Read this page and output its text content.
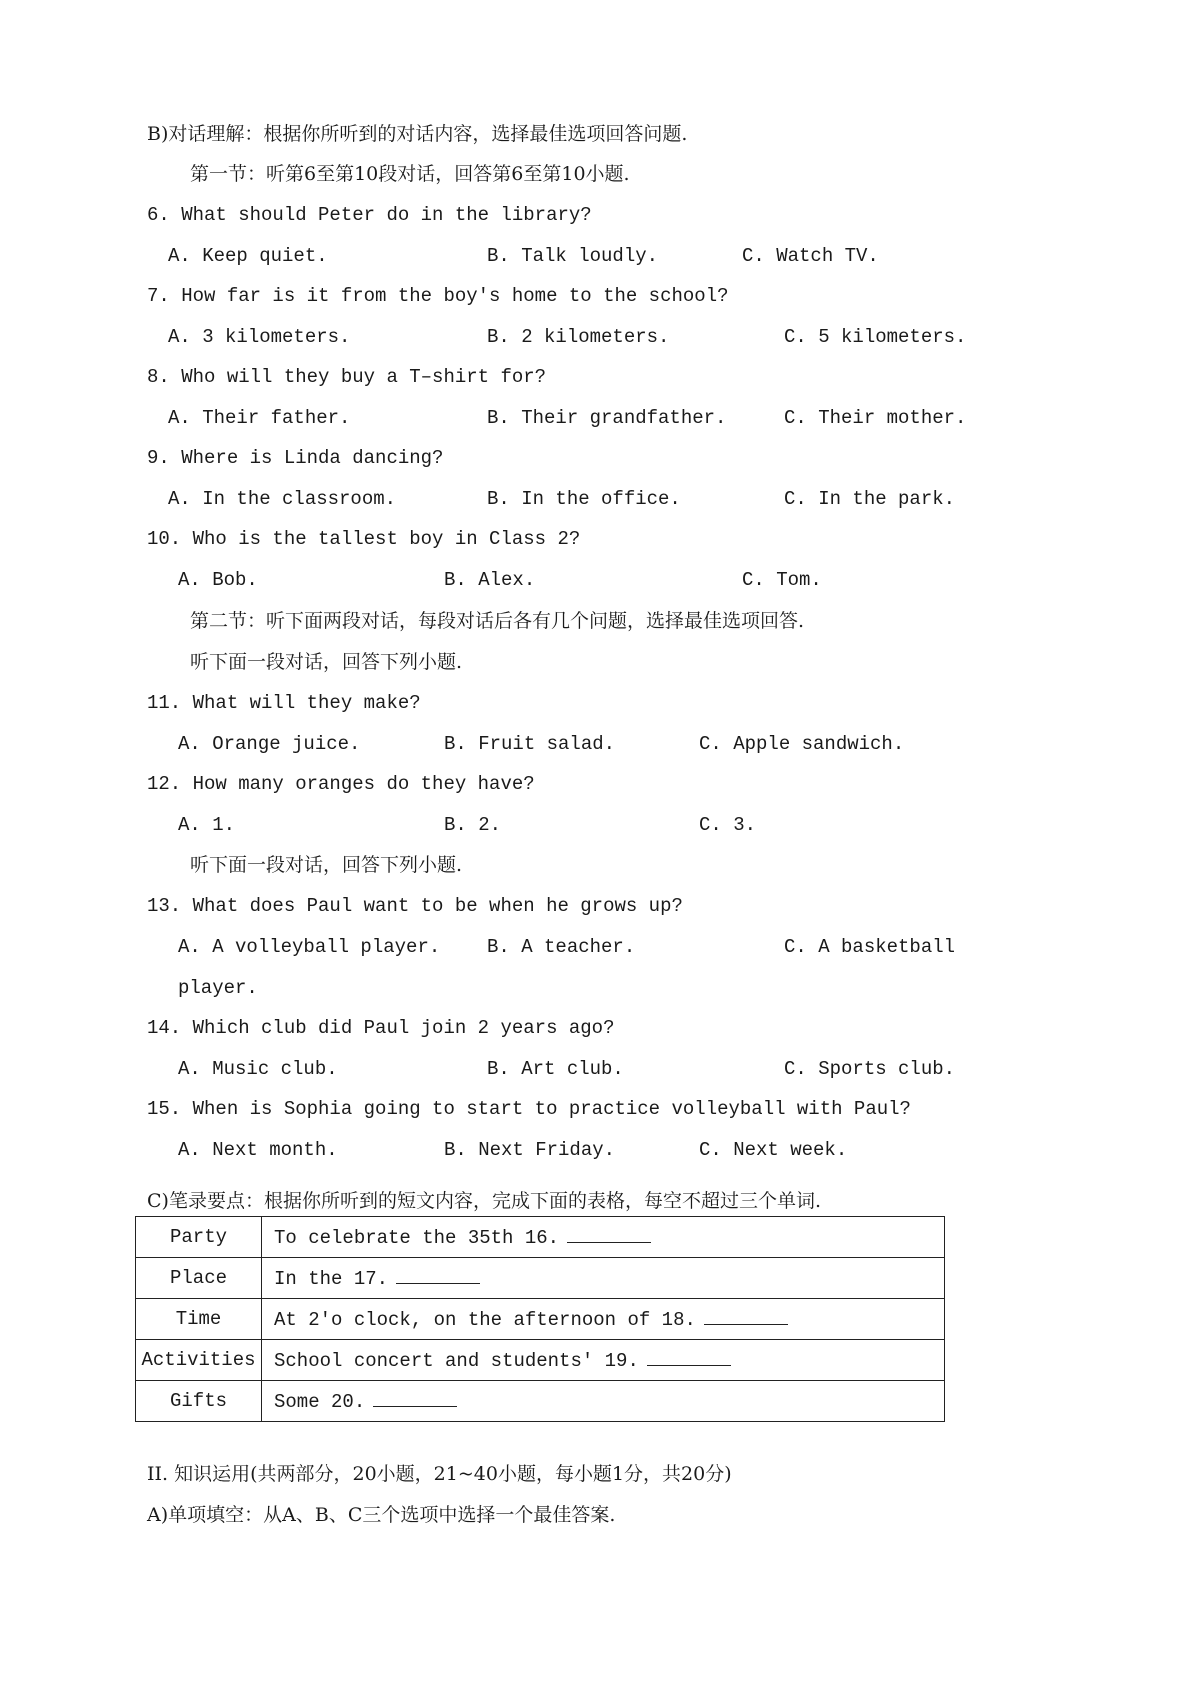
B)对话理解：根据你所听到的对话内容，选择最佳选项回答问题.
第一节：听第6至第10段对话，回答第6至第10小题.
6. What should Peter do in the library?
A. Keep quiet.	B. Talk loudly.	C. Watch TV.
7. How far is it from the boy's home to the school?
A. 3 kilometers.	B. 2 kilometers.	C. 5 kilometers.
8. Who will they buy a T–shirt for?
A. Their father.	B. Their grandfather.	C. Their mother.
9. Where is Linda dancing?
A. In the classroom.	B. In the office.	C. In the park.
10. Who is the tallest boy in Class 2?
A. Bob.	B. Alex.	C. Tom.
第二节：听下面两段对话，每段对话后各有几个问题，选择最佳选项回答.
听下面一段对话，回答下列小题.
11. What will they make?
A. Orange juice.	B. Fruit salad.	C. Apple sandwich.
12. How many oranges do they have?
A. 1.	B. 2.	C. 3.
听下面一段对话，回答下列小题.
13. What does Paul want to be when he grows up?
A. A volleyball player. B. A teacher.	C. A basketball
player.
14. Which club did Paul join 2 years ago?
A. Music club.	B. Art club.	C. Sports club.
15. When is Sophia going to start to practice volleyball with Paul?
A. Next month.	B. Next Friday.	C. Next week.
C)笔录要点：根据你所听到的短文内容，完成下面的表格，每空不超过三个单词.
Party	To celebrate the 35th 16.
Place	In the 17.
Time	At 2'o clock, on the afternoon of 18.
Activities	School concert and students' 19.
Gifts	Some 20.
II. 知识运用(共两部分，20小题，21~40小题，每小题1分，共20分)
A)单项填空：从A、B、C三个选项中选择一个最佳答案.
